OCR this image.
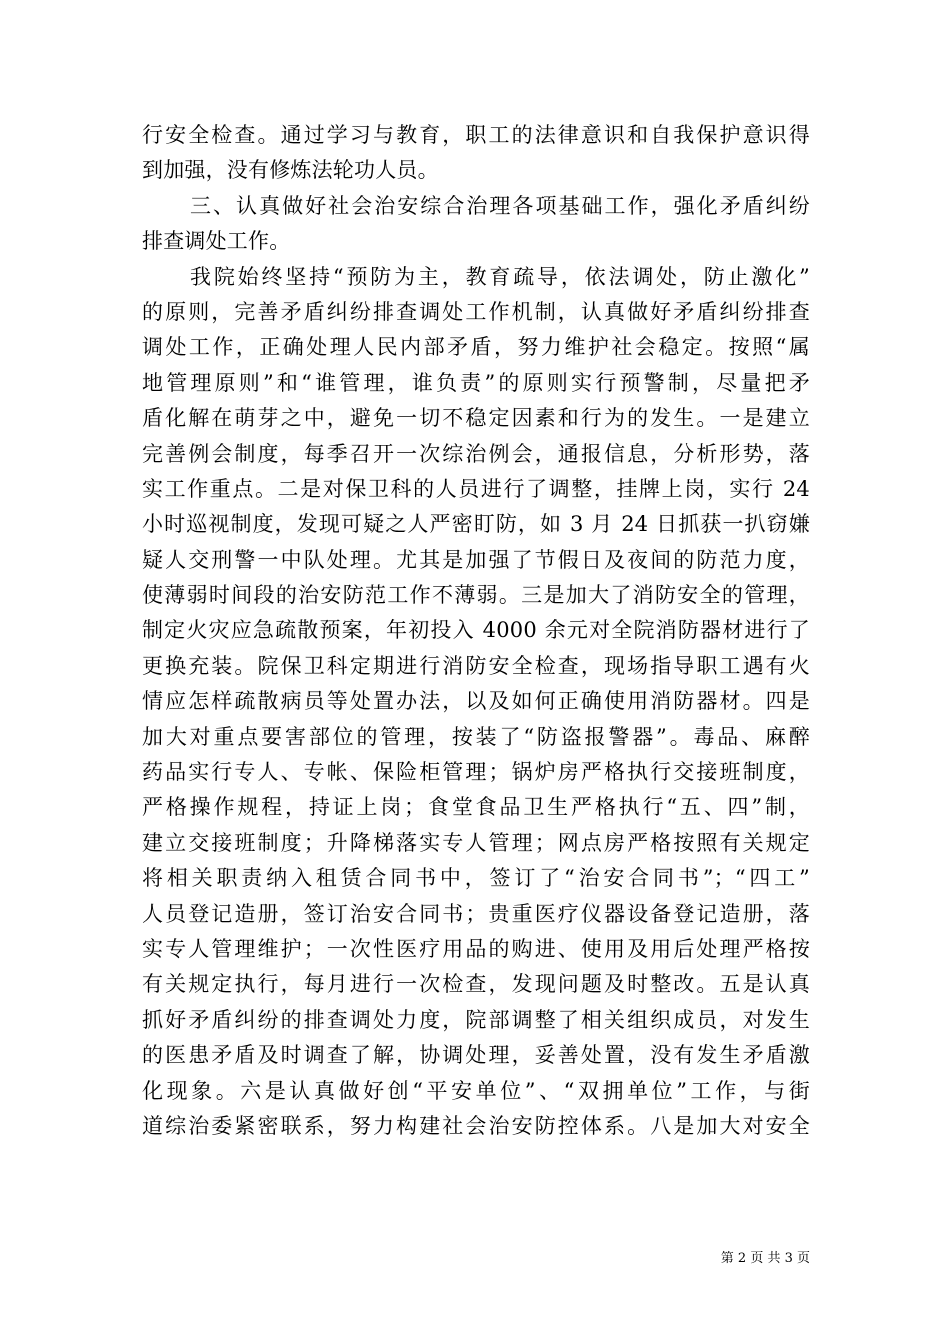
行安全检查。通过学习与教育，职工的法律意识和自我保护意识得
到加强，没有修炼法轮功人员。
三、认真做好社会治安综合治理各项基础工作，强化矛盾纠纷
排查调处工作。
我院始终坚持“预防为主，教育疏导，依法调处，防止激化”
的原则，完善矛盾纠纷排查调处工作机制，认真做好矛盾纠纷排查
调处工作，正确处理人民内部矛盾，努力维护社会稳定。按照“属
地管理原则”和“谁管理，谁负责”的原则实行预警制，尽量把矛
盾化解在萌芽之中，避免一切不稳定因素和行为的发生。一是建立
完善例会制度，每季召开一次综治例会，通报信息，分析形势，落
实工作重点。二是对保卫科的人员进行了调整，挂牌上岗，实行 24
小时巡视制度，发现可疑之人严密盯防，如 3 月 24 日抓获一扒窃嫌
疑人交刑警一中队处理。尤其是加强了节假日及夜间的防范力度，
使薄弱时间段的治安防范工作不薄弱。三是加大了消防安全的管理，
制定火灾应急疏散预案，年初投入 4000 余元对全院消防器材进行了
更换充装。院保卫科定期进行消防安全检查，现场指导职工遇有火
情应怎样疏散病员等处置办法，以及如何正确使用消防器材。四是
加大对重点要害部位的管理，按装了“防盗报警器”。毒品、麻醉
药品实行专人、专帐、保险柜管理；锅炉房严格执行交接班制度，
严格操作规程，持证上岗；食堂食品卫生严格执行“五、四”制，
建立交接班制度；升降梯落实专人管理；网点房严格按照有关规定
将相关职责纳入租赁合同书中，签订了“治安合同书”；“四工”
人员登记造册，签订治安合同书；贵重医疗仪器设备登记造册，落
实专人管理维护；一次性医疗用品的购进、使用及用后处理严格按
有关规定执行，每月进行一次检查，发现问题及时整改。五是认真
抓好矛盾纠纷的排查调处力度，院部调整了相关组织成员，对发生
的医患矛盾及时调查了解，协调处理，妥善处置，没有发生矛盾激
化现象。六是认真做好创“平安单位”、“双拥单位”工作，与街
道综治委紧密联系，努力构建社会治安防控体系。八是加大对安全
第 2 页 共 3 页
